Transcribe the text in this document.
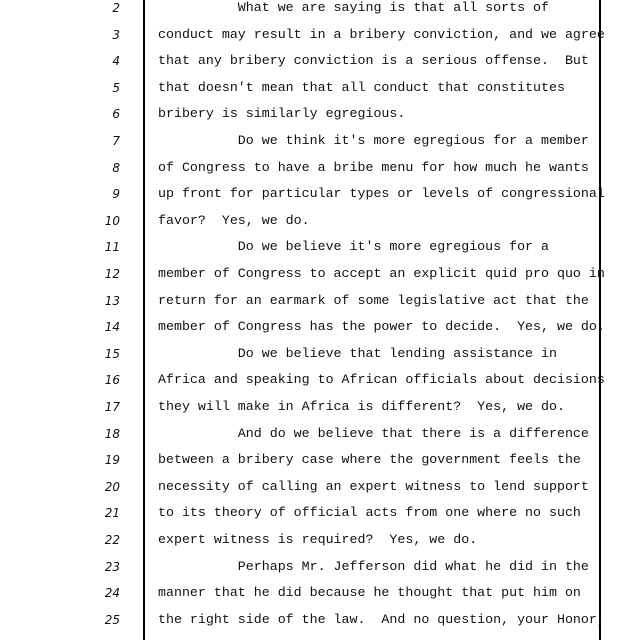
2	What we are saying is that all sorts of
3	conduct may result in a bribery conviction, and we agree
4	that any bribery conviction is a serious offense.  But
5	that doesn't mean that all conduct that constitutes
6	bribery is similarly egregious.
7	Do we think it's more egregious for a member
8	of Congress to have a bribe menu for how much he wants
9	up front for particular types or levels of congressional
10	favor?  Yes, we do.
11	Do we believe it's more egregious for a
12	member of Congress to accept an explicit quid pro quo in
13	return for an earmark of some legislative act that the
14	member of Congress has the power to decide.  Yes, we do.
15	Do we believe that lending assistance in
16	Africa and speaking to African officials about decisions
17	they will make in Africa is different?  Yes, we do.
18	And do we believe that there is a difference
19	between a bribery case where the government feels the
20	necessity of calling an expert witness to lend support
21	to its theory of official acts from one where no such
22	expert witness is required?  Yes, we do.
23	Perhaps Mr. Jefferson did what he did in the
24	manner that he did because he thought that put him on
25	the right side of the law.  And no question, your Honor,
